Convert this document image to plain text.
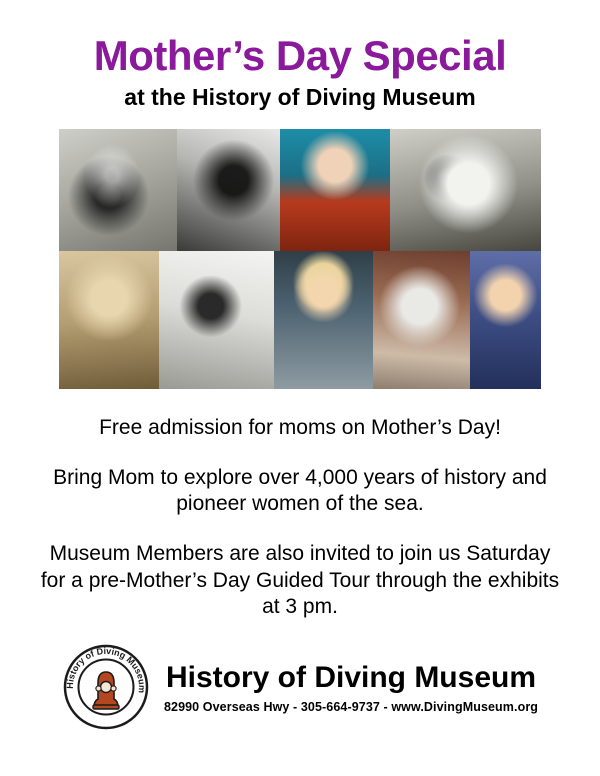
Mother’s Day Special
at the History of Diving Museum

Free admission for moms on Mother’s Day!

Bring Mom to explore over 4,000 years of history and pioneer women of the sea.

Museum Members are also invited to join us Saturday for a pre-Mother’s Day Guided Tour through the exhibits at 3 pm.

History of Diving Museum History of Diving Museum
82990 Overseas Hwy - 305-664-9737 - www.DivingMuseum.org
